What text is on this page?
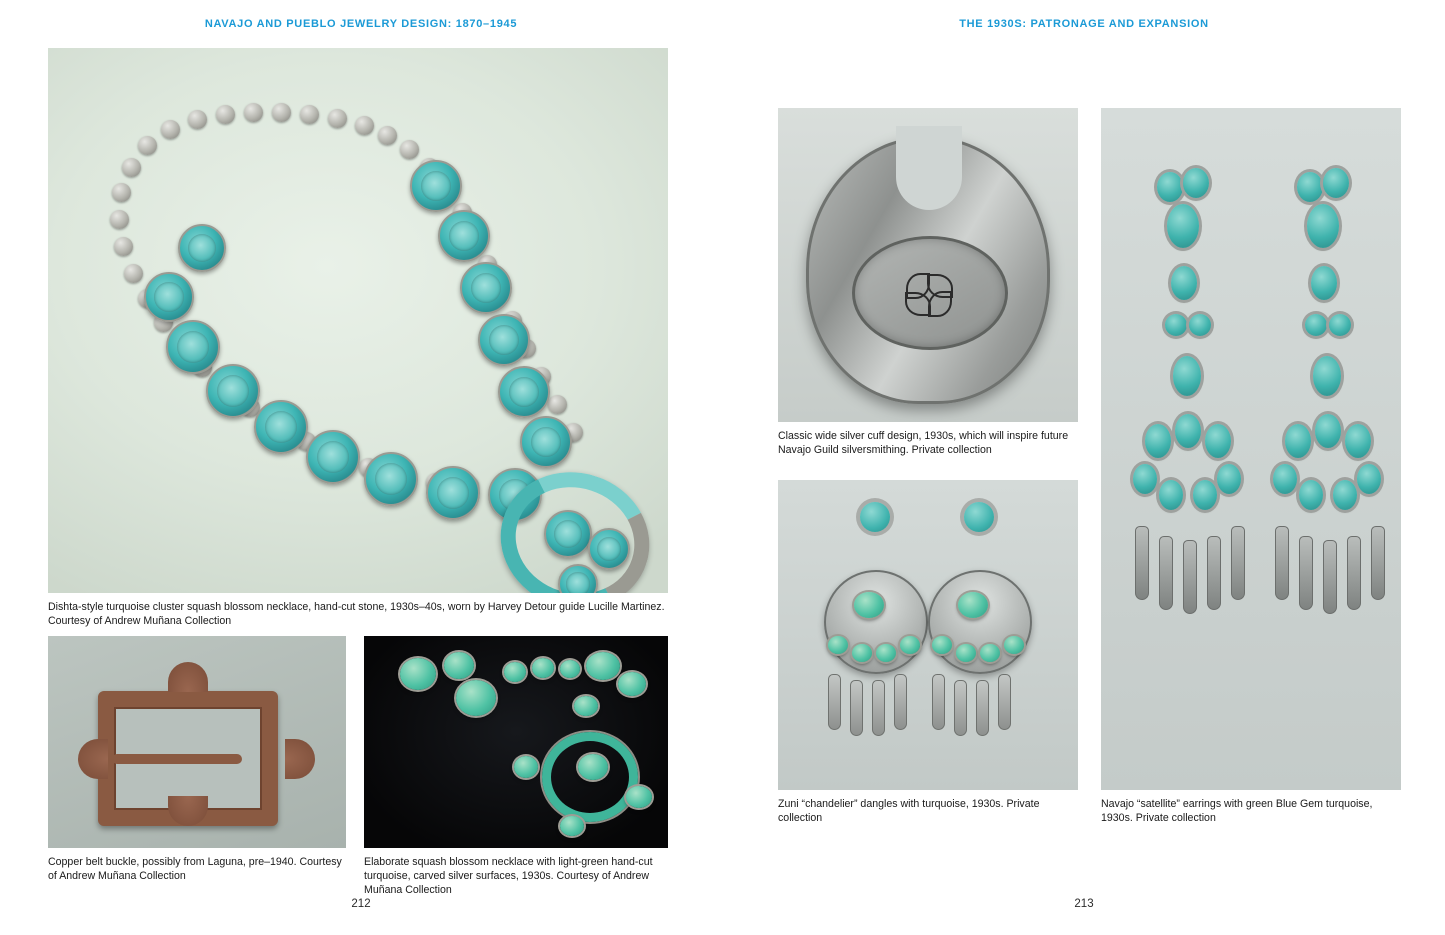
NAVAJO AND PUEBLO JEWELRY DESIGN: 1870–1945
Dishta-style turquoise cluster squash blossom necklace, hand-cut stone, 1930s–40s, worn by Harvey Detour guide Lucille Martinez. Courtesy of Andrew Muñana Collection
Copper belt buckle, possibly from Laguna, pre–1940. Courtesy of Andrew Muñana Collection
Elaborate squash blossom necklace with light-green hand-cut turquoise, carved silver surfaces, 1930s. Courtesy of Andrew Muñana Collection
212
THE 1930S: PATRONAGE AND EXPANSION
Classic wide silver cuff design, 1930s, which will inspire future Navajo Guild silversmithing. Private collection
Zuni “chandelier” dangles with turquoise, 1930s. Private collection
Navajo “satellite” earrings with green Blue Gem turquoise, 1930s. Private collection
213
